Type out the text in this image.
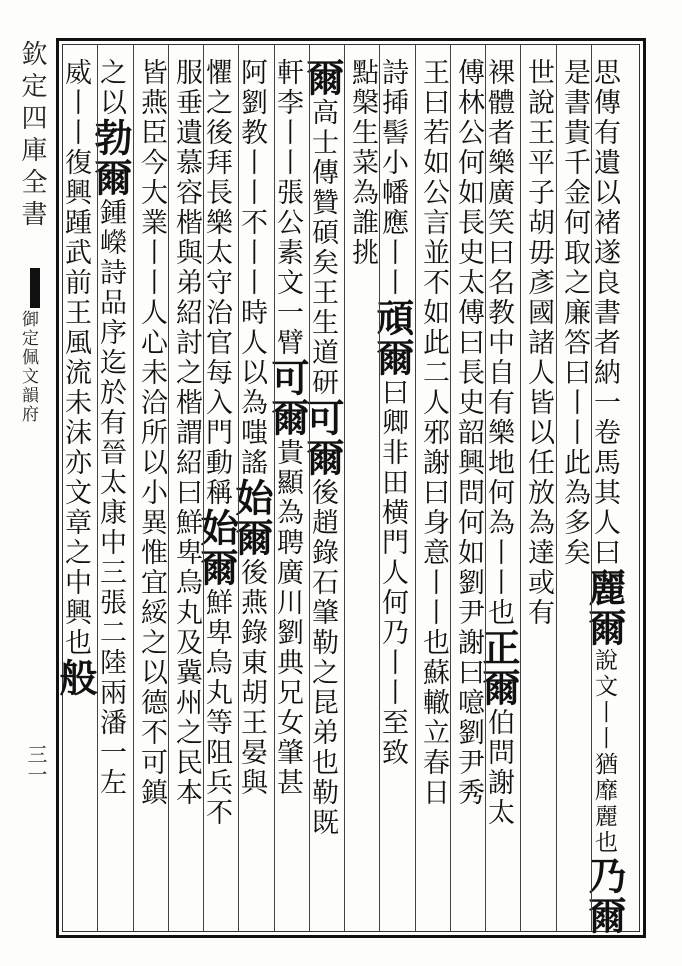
欽定四庫全書
御定佩文韻府
三一
思傳有遺以褚遂良書者納一卷馬其人曰麗爾說文丨丨猶靡麗也乃爾
是書貴千金何取之廉答曰丨丨此為多矣
世說王平子胡毋彥國諸人皆以任放為達或有
裸體者樂廣笑曰名教中自有樂地何為丨丨也正爾伯問謝太
傅林公何如長史太傅曰長史韶興問何如劉尹謝曰噫劉尹秀
王曰若如公言並不如此二人邪謝曰身意丨丨也蘇轍立春日
詩揷髻小幡應丨丨頑爾曰卿非田横門人何乃丨丨至致
點槃生菜為誰挑
爾高士傳贊碩矣王生道研可爾後趙錄石肇勒之昆弟也勒既
軒李丨丨張公素文一臂可爾貴顯為聘廣川劉典兄女肇甚
阿劉教丨丨不丨丨時人以為嗤謠始爾後燕錄東胡王晏與
懼之後拜長樂太守治官每入門動稱始爾鮮卑烏丸等阻兵不
服垂遺慕容楷與弟紹討之楷謂紹曰鮮卑烏丸及冀州之民本
皆燕臣今大業丨丨人心未洽所以小異惟宜綏之以德不可鎮
之以勃爾鍾嶸詩品序迄於有晉太康中三張二陸兩潘一左
威丨丨復興踵武前王風流未沫亦文章之中興也般
